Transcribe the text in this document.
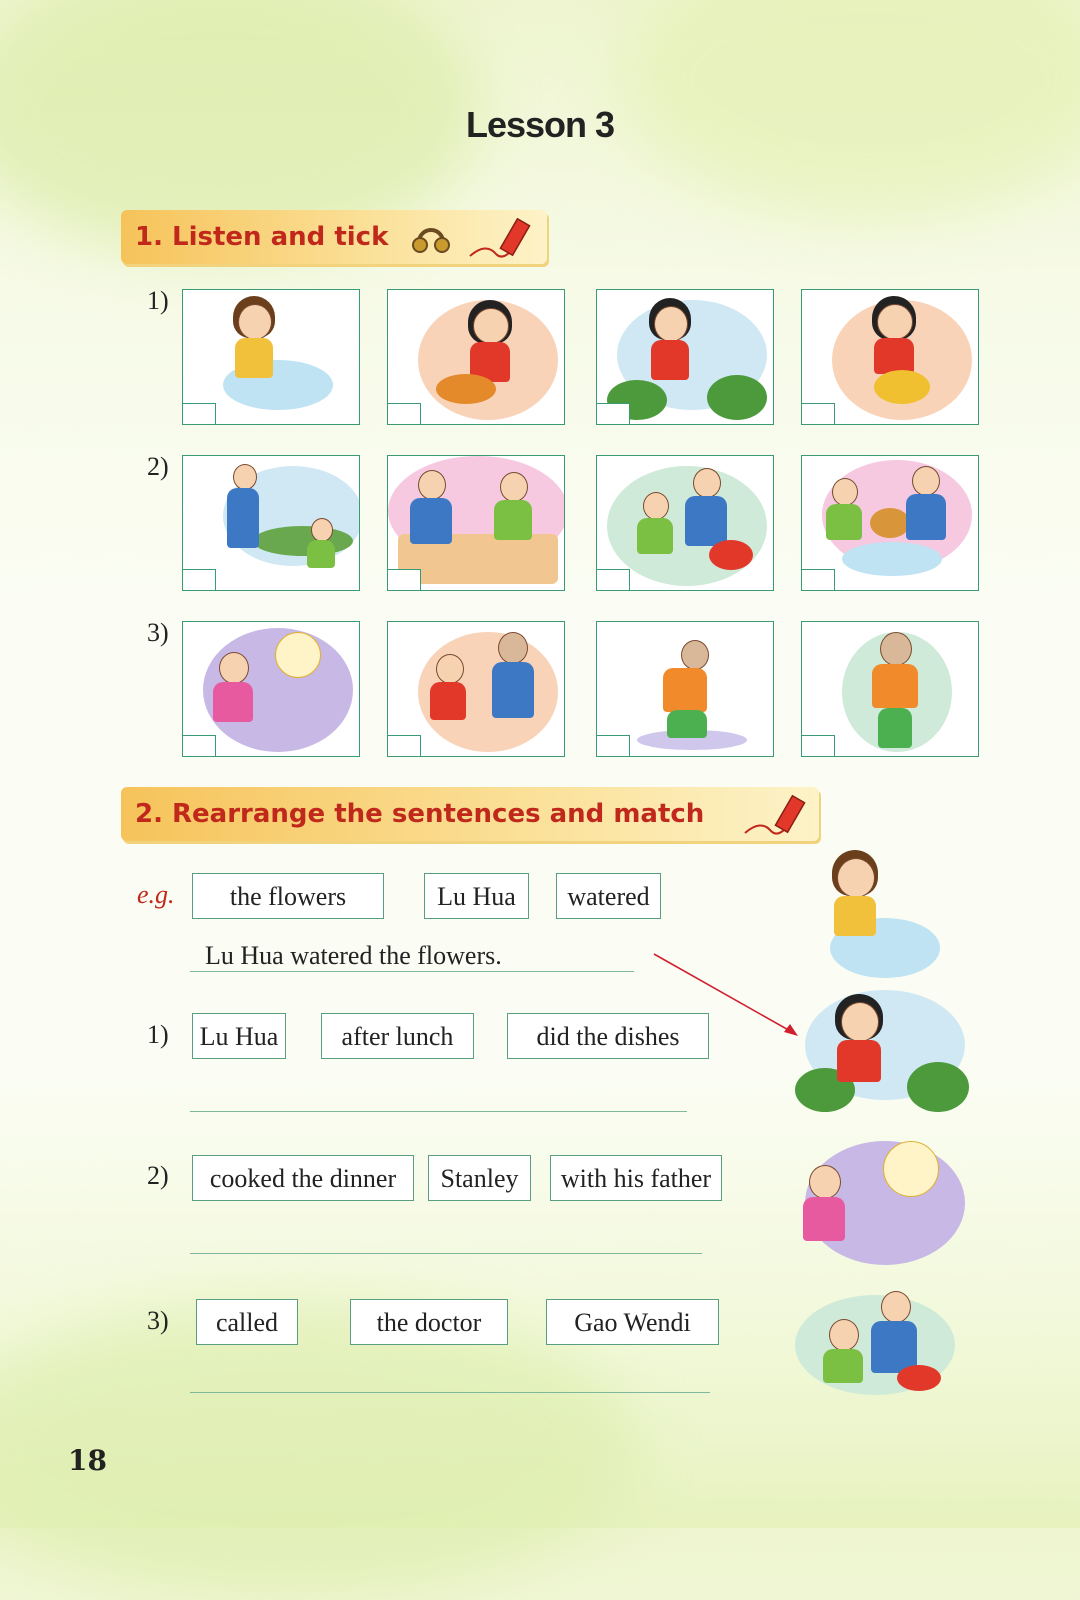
Lesson 3
1. Listen and tick
1)
2)
3)
2. Rearrange the sentences and match
e.g.	the flowers	Lu Hua	watered
Lu Hua watered the flowers.
1) Lu Hua	after lunch	did the dishes
2)	cooked the dinner	Stanley	with his father
3)	called	the doctor	Gao Wendi
18
